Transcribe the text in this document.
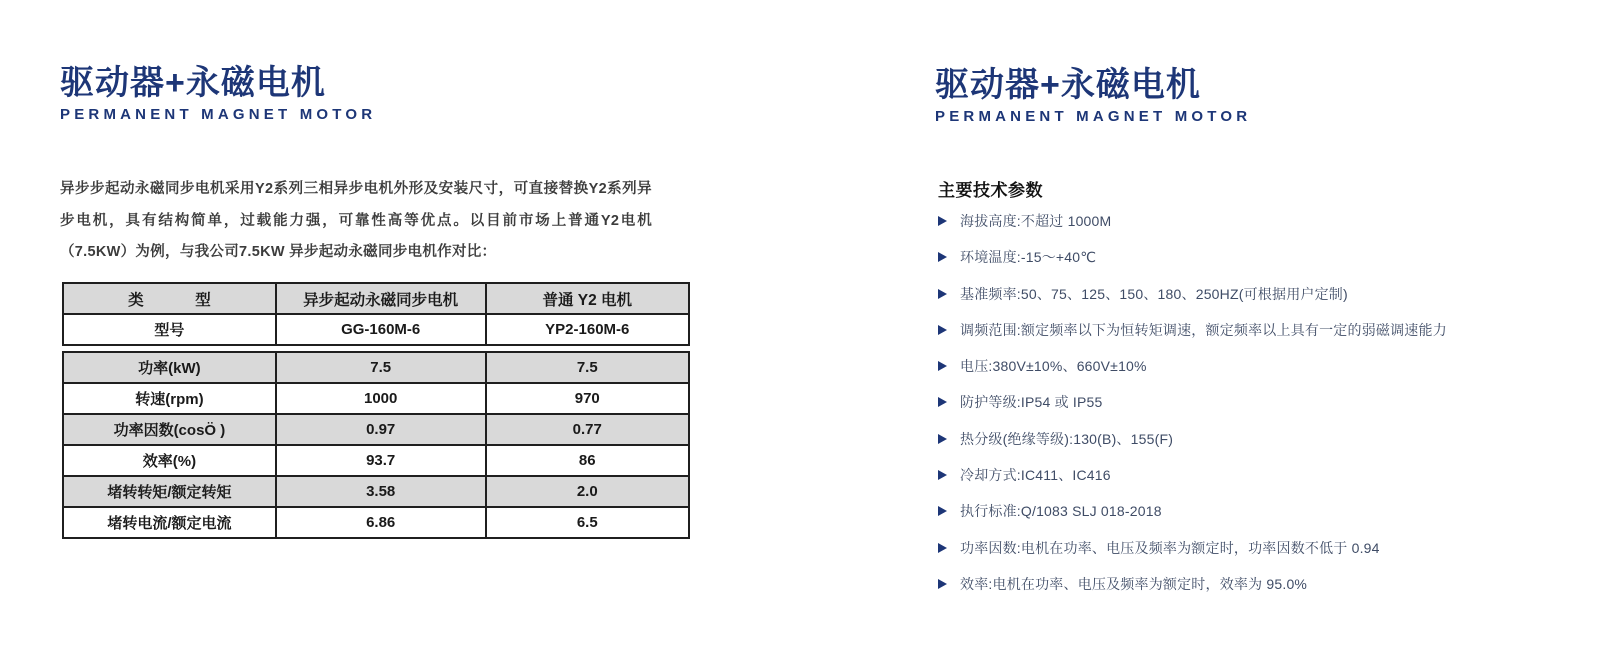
驱动器+永磁电机
PERMANENT MAGNET MOTOR

异步步起动永磁同步电机采用Y2系列三相异步电机外形及安装尺寸，可直接替换Y2系列异步电机，具有结构简单，过载能力强，可靠性高等优点。以目前市场上普通Y2电机（7.5KW）为例，与我公司7.5KW 异步起动永磁同步电机作对比：

类            型	异步起动永磁同步电机	普通 Y2 电机
型号	GG-160M-6	YP2-160M-6
功率(kW)	7.5	7.5
转速(rpm)	1000	970
功率因数(cosÖ )	0.97	0.77
效率(%)	93.7	86
堵转转矩/额定转矩	3.58	2.0
堵转电流/额定电流	6.86	6.5
驱动器+永磁电机
PERMANENT MAGNET MOTOR
主要技术参数
海拔高度:不超过 1000M
环境温度:-15～+40℃
基准频率:50、75、125、150、180、250HZ(可根据用户定制)
调频范围:额定频率以下为恒转矩调速，额定频率以上具有一定的弱磁调速能力
电压:380V±10%、660V±10%
防护等级:IP54 或 IP55
热分级(绝缘等级):130(B)、155(F)
冷却方式:IC411、IC416
执行标准:Q/1083 SLJ 018-2018
功率因数:电机在功率、电压及频率为额定时，功率因数不低于 0.94
效率:电机在功率、电压及频率为额定时，效率为 95.0%
